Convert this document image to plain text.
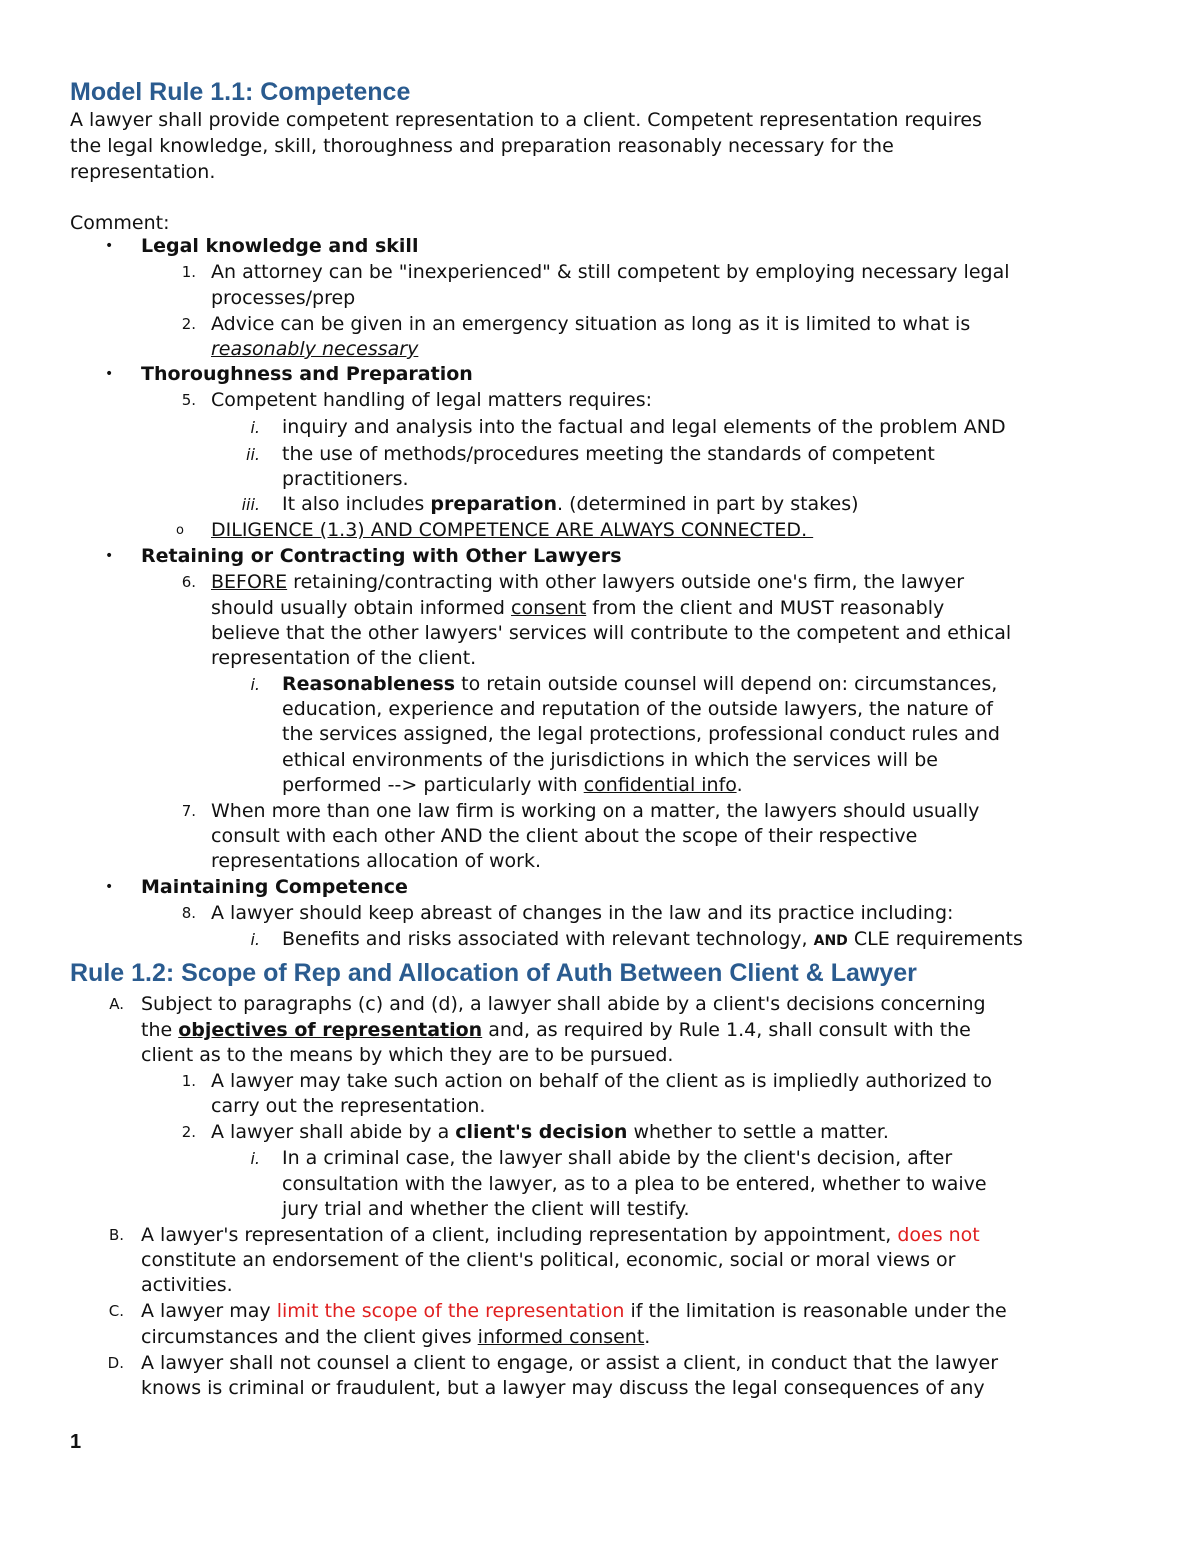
Model Rule 1.1: Competence
A lawyer shall provide competent representation to a client. Competent representation requires
the legal knowledge, skill, thoroughness and preparation reasonably necessary for the
representation.
Comment:
• Legal knowledge and skill
1. An attorney can be "inexperienced" & still competent by employing necessary legal
processes/prep
2. Advice can be given in an emergency situation as long as it is limited to what is
reasonably necessary
• Thoroughness and Preparation
5. Competent handling of legal matters requires:
i. inquiry and analysis into the factual and legal elements of the problem AND
ii. the use of methods/procedures meeting the standards of competent
practitioners.
iii. It also includes preparation. (determined in part by stakes)
o DILIGENCE (1.3) AND COMPETENCE ARE ALWAYS CONNECTED.
• Retaining or Contracting with Other Lawyers
6. BEFORE retaining/contracting with other lawyers outside one's firm, the lawyer
should usually obtain informed consent from the client and MUST reasonably
believe that the other lawyers' services will contribute to the competent and ethical
representation of the client.
i. Reasonableness to retain outside counsel will depend on: circumstances,
education, experience and reputation of the outside lawyers, the nature of
the services assigned, the legal protections, professional conduct rules and
ethical environments of the jurisdictions in which the services will be
performed --> particularly with confidential info.
7. When more than one law firm is working on a matter, the lawyers should usually
consult with each other AND the client about the scope of their respective
representations allocation of work.
• Maintaining Competence
8. A lawyer should keep abreast of changes in the law and its practice including:
i. Benefits and risks associated with relevant technology, AND CLE requirements
Rule 1.2: Scope of Rep and Allocation of Auth Between Client & Lawyer
A. Subject to paragraphs (c) and (d), a lawyer shall abide by a client's decisions concerning
the objectives of representation and, as required by Rule 1.4, shall consult with the
client as to the means by which they are to be pursued.
1. A lawyer may take such action on behalf of the client as is impliedly authorized to
carry out the representation.
2. A lawyer shall abide by a client's decision whether to settle a matter.
i. In a criminal case, the lawyer shall abide by the client's decision, after
consultation with the lawyer, as to a plea to be entered, whether to waive
jury trial and whether the client will testify.
B. A lawyer's representation of a client, including representation by appointment, does not
constitute an endorsement of the client's political, economic, social or moral views or
activities.
C. A lawyer may limit the scope of the representation if the limitation is reasonable under the
circumstances and the client gives informed consent.
D. A lawyer shall not counsel a client to engage, or assist a client, in conduct that the lawyer
knows is criminal or fraudulent, but a lawyer may discuss the legal consequences of any
1
